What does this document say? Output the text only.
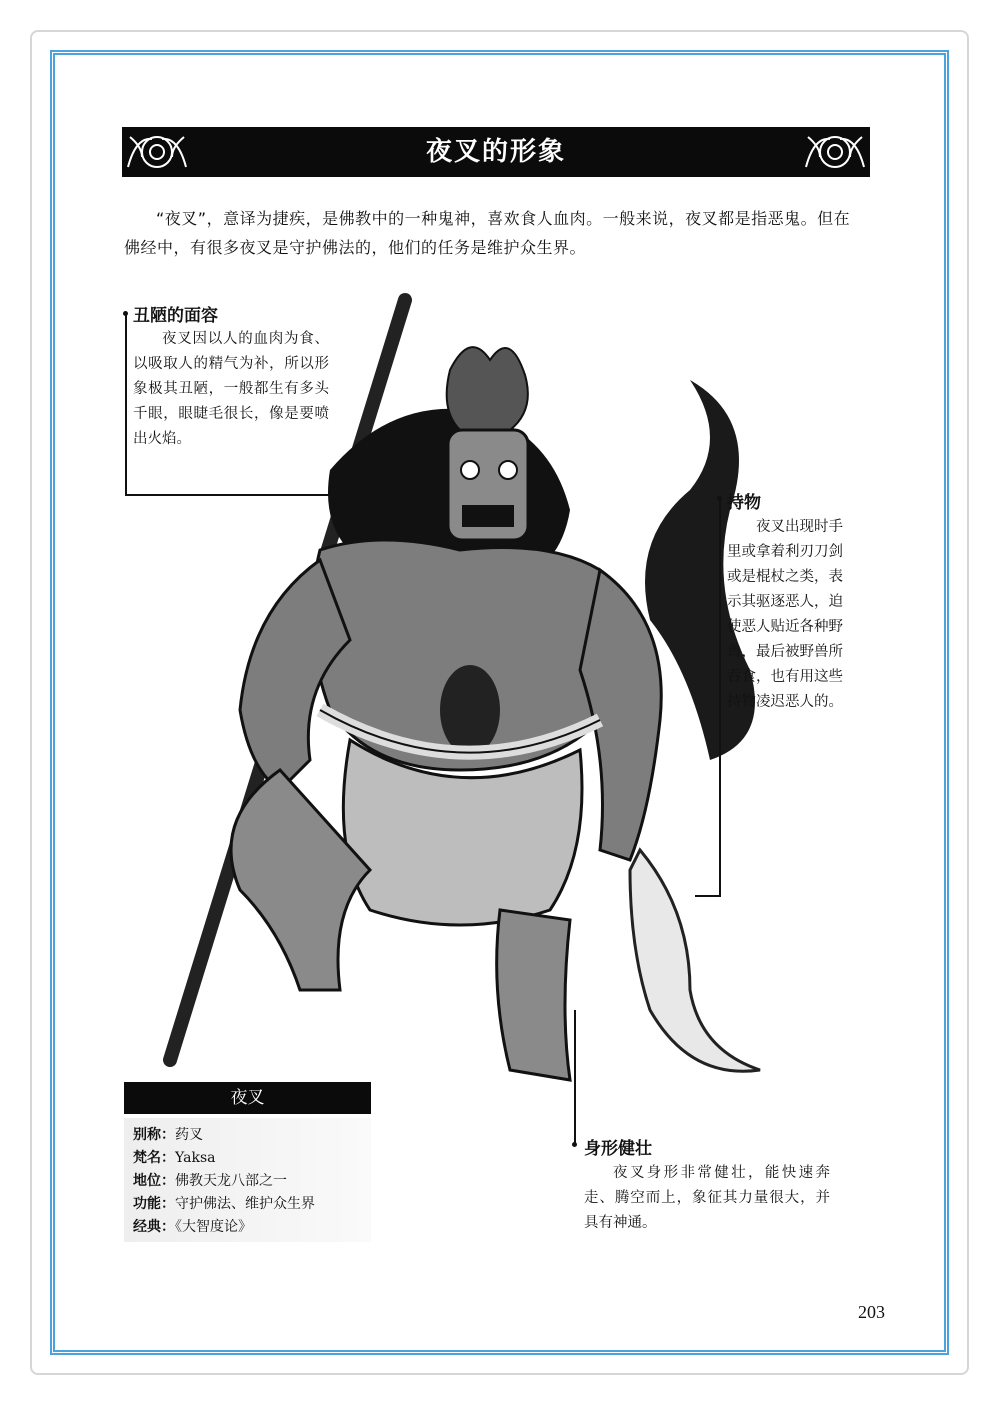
夜叉的形象

“夜叉”，意译为捷疾，是佛教中的一种鬼神，喜欢食人血肉。一般来说，夜叉都是指恶鬼。但在佛经中，有很多夜叉是守护佛法的，他们的任务是维护众生界。

丑陋的面容

夜叉因以人的血肉为食、以吸取人的精气为补，所以形象极其丑陋，一般都生有多头千眼，眼睫毛很长，像是要喷出火焰。

持物

夜叉出现时手里或拿着利刃刀剑或是棍杖之类，表示其驱逐恶人，迫使恶人贴近各种野兽，最后被野兽所吞食，也有用这些持物凌迟恶人的。

身形健壮

夜叉身形非常健壮，能快速奔走、腾空而上，象征其力量很大，并具有神通。

夜叉
别称：药叉
梵名：Yaksa
地位：佛教天龙八部之一
功能：守护佛法、维护众生界
经典：《大智度论》
203
